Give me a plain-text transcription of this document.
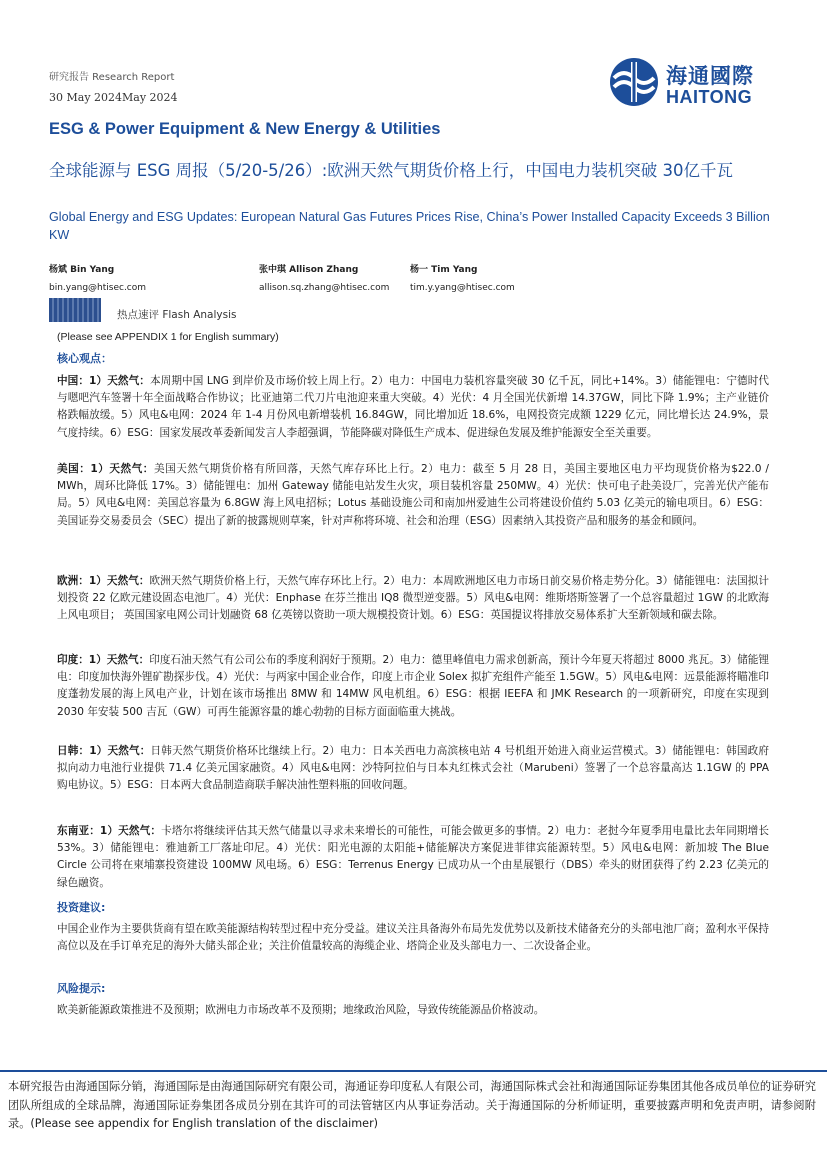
研究报告 Research Report
30 May 2024May 2024
海通國際
HAITONG
ESG & Power Equipment & New Energy & Utilities
全球能源与 ESG 周报（5/20-5/26）:欧洲天然气期货价格上行，中国电力装机突破 30亿千瓦
Global Energy and ESG Updates: European Natural Gas Futures Prices Rise, China’s Power Installed Capacity Exceeds 3 Billion KW
杨斌 Bin Yang	张中琪 Allison Zhang	杨一 Tim Yang
bin.yang@htisec.com	allison.sq.zhang@htisec.com tim.y.yang@htisec.com
热点速评 Flash Analysis
(Please see APPENDIX 1 for English summary)
核心观点：
中国：1）天然气：本周期中国 LNG 到岸价及市场价较上周上行。2）电力：中国电力装机容量突破 30 亿千瓦，同比+14%。3）储能锂电：宁德时代与嗯吧汽车签署十年全面战略合作协议；比亚迪第二代刀片电池迎来重大突破。4）光伏：4 月全国光伏新增 14.37GW，同比下降 1.9%；主产业链价格跌幅放缓。5）风电&电网：2024 年 1-4 月份风电新增装机 16.84GW，同比增加近 18.6%，电网投资完成额 1229 亿元，同比增长达 24.9%，景气度持续。6）ESG：国家发展改革委新闻发言人李超强调，节能降碳对降低生产成本、促进绿色发展及维护能源安全至关重要。
美国：1）天然气：美国天然气期货价格有所回落，天然气库存环比上行。2）电力：截至 5 月 28 日，美国主要地区电力平均现货价格为$22.0 / MWh，周环比降低 17%。3）储能锂电：加州 Gateway 储能电站发生火灾，项目装机容量 250MW。4）光伏：快可电子赴美设厂，完善光伏产能布局。5）风电&电网：美国总容量为 6.8GW 海上风电招标；Lotus 基础设施公司和南加州爱迪生公司将建设价值约 5.03 亿美元的输电项目。6）ESG：美国证券交易委员会（SEC）提出了新的披露规则草案，针对声称将环境、社会和治理（ESG）因素纳入其投资产品和服务的基金和顾问。
欧洲：1）天然气：欧洲天然气期货价格上行，天然气库存环比上行。2）电力：本周欧洲地区电力市场日前交易价格走势分化。3）储能锂电：法国拟计划投资 22 亿欧元建设固态电池厂。4）光伏：Enphase 在芬兰推出 IQ8 微型逆变器。5）风电&电网：维斯塔斯签署了一个总容量超过 1GW 的北欧海上风电项目； 英国国家电网公司计划融资 68 亿英镑以资助一项大规模投资计划。6）ESG：英国提议将排放交易体系扩大至新领域和碳去除。
印度：1）天然气：印度石油天然气有公司公布的季度利润好于预期。2）电力：德里峰值电力需求创新高，预计今年夏天将超过 8000 兆瓦。3）储能锂电：印度加快海外锂矿勘探步伐。4）光伏：与两家中国企业合作，印度上市企业 Solex 拟扩充组件产能至 1.5GW。5）风电&电网：远景能源将瞄准印度蓬勃发展的海上风电产业，计划在该市场推出 8MW 和 14MW 风电机组。6）ESG：根据 IEEFA 和 JMK Research 的一项新研究，印度在实现到 2030 年安装 500 吉瓦（GW）可再生能源容量的雄心勃勃的目标方面面临重大挑战。
日韩：1）天然气：日韩天然气期货价格环比继续上行。2）电力：日本关西电力高滨核电站 4 号机组开始进入商业运营模式。3）储能锂电：韩国政府拟向动力电池行业提供 71.4 亿美元国家融资。4）风电&电网：沙特阿拉伯与日本丸红株式会社（Marubeni）签署了一个总容量高达 1.1GW 的 PPA 购电协议。5）ESG：日本两大食品制造商联手解决油性塑料瓶的回收问题。
东南亚：1）天然气：卡塔尔将继续评估其天然气储量以寻求未来增长的可能性，可能会做更多的事情。2）电力：老挝今年夏季用电量比去年同期增长 53%。3）储能锂电：雅迪新工厂落址印尼。4）光伏：阳光电源的太阳能+储能解决方案促进菲律宾能源转型。5）风电&电网：新加坡 The Blue Circle 公司将在柬埔寨投资建设 100MW 风电场。6）ESG：Terrenus Energy 已成功从一个由星展银行（DBS）牵头的财团获得了约 2.23 亿美元的绿色融资。
投资建议:
中国企业作为主要供货商有望在欧美能源结构转型过程中充分受益。建议关注具备海外布局先发优势以及新技术储备充分的头部电池厂商；盈利水平保持高位以及在手订单充足的海外大储头部企业；关注价值量较高的海缆企业、塔筒企业及头部电力一、二次设备企业。
风险提示:
欧美新能源政策推进不及预期；欧洲电力市场改革不及预期；地缘政治风险，导致传统能源品价格波动。
本研究报告由海通国际分销，海通国际是由海通国际研究有限公司，海通证券印度私人有限公司，海通国际株式会社和海通国际证券集团其他各成员单位的证券研究团队所组成的全球品牌，海通国际证券集团各成员分别在其许可的司法管辖区内从事证券活动。关于海通国际的分析师证明，重要披露声明和免责声明，请参阅附录。(Please see appendix for English translation of the disclaimer)
